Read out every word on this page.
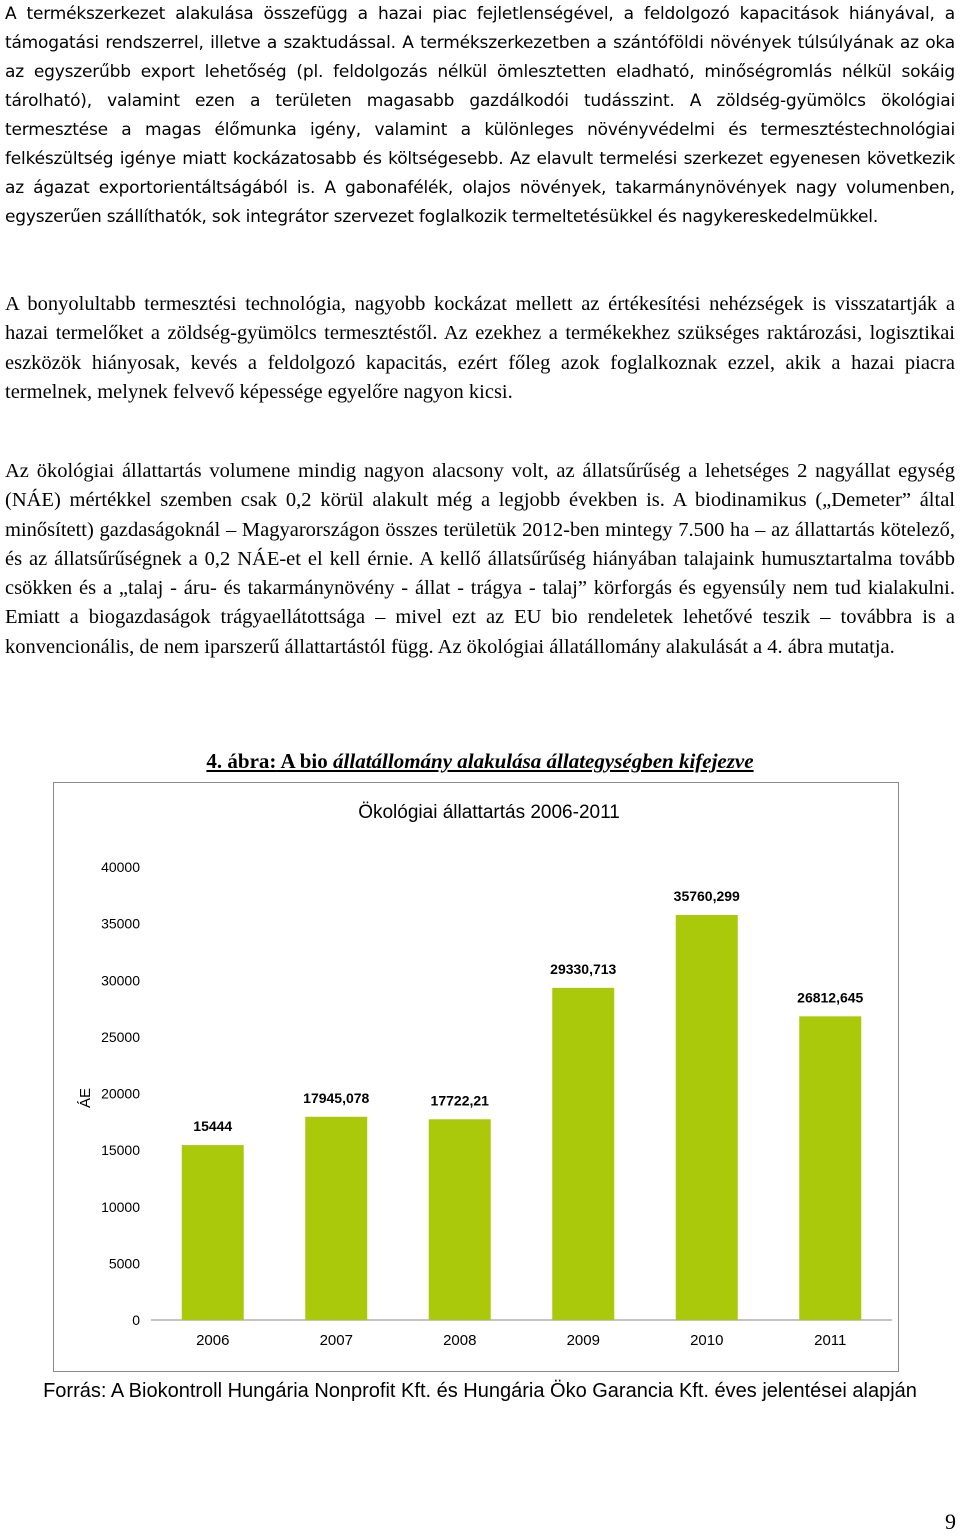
A termékszerkezet alakulása összefügg a hazai piac fejletlenségével, a feldolgozó kapacitások hiányával, a támogatási rendszerrel, illetve a szaktudással. A termékszerkezetben a szántóföldi növények túlsúlyának az oka az egyszerűbb export lehetőség (pl. feldolgozás nélkül ömlesztetten eladható, minőségromlás nélkül sokáig tárolható), valamint ezen a területen magasabb gazdálkodói tudásszint. A zöldség-gyümölcs ökológiai termesztése a magas élőmunka igény, valamint a különleges növényvédelmi és termesztéstechnológiai felkészültség igénye miatt kockázatosabb és költségesebb. Az elavult termelési szerkezet egyenesen következik az ágazat exportorientáltságából is. A gabonafélék, olajos növények, takarmánynövények nagy volumenben, egyszerűen szállíthatók, sok integrátor szervezet foglalkozik termeltetésükkel és nagykereskedelmükkel.

A bonyolultabb termesztési technológia, nagyobb kockázat mellett az értékesítési nehézségek is visszatartják a hazai termelőket a zöldség-gyümölcs termesztéstől. Az ezekhez a termékekhez szükséges raktározási, logisztikai eszközök hiányosak, kevés a feldolgozó kapacitás, ezért főleg azok foglalkoznak ezzel, akik a hazai piacra termelnek, melynek felvevő képessége egyelőre nagyon kicsi.

Az ökológiai állattartás volumene mindig nagyon alacsony volt, az állatsűrűség a lehetséges 2 nagyállat egység (NÁE) mértékkel szemben csak 0,2 körül alakult még a legjobb években is. A biodinamikus („Demeter” által minősített) gazdaságoknál – Magyarországon összes területük 2012-ben mintegy 7.500 ha – az állattartás kötelező, és az állatsűrűségnek a 0,2 NÁE-et el kell érnie. A kellő állatsűrűség hiányában talajaink humusztartalma tovább csökken és a „talaj - áru- és takarmánynövény - állat - trágya - talaj” körforgás és egyensúly nem tud kialakulni. Emiatt a biogazdaságok trágyaellátottsága – mivel ezt az EU bio rendeletek lehetővé teszik – továbbra is a konvencionális, de nem iparszerű állattartástól függ. Az ökológiai állatállomány alakulását a 4. ábra mutatja.

4. ábra: A bio állatállomány alakulása állategységben kifejezve
Ökológiai állattartás 2006-2011
ÁE
0
5000
10000
15000
20000
25000
30000
35000
40000
15444
2006
17945,078
2007
17722,21
2008
29330,713
2009
35760,299
2010
26812,645
2011
Forrás: A Biokontroll Hungária Nonprofit Kft. és Hungária Öko Garancia Kft. éves jelentései alapján
9
